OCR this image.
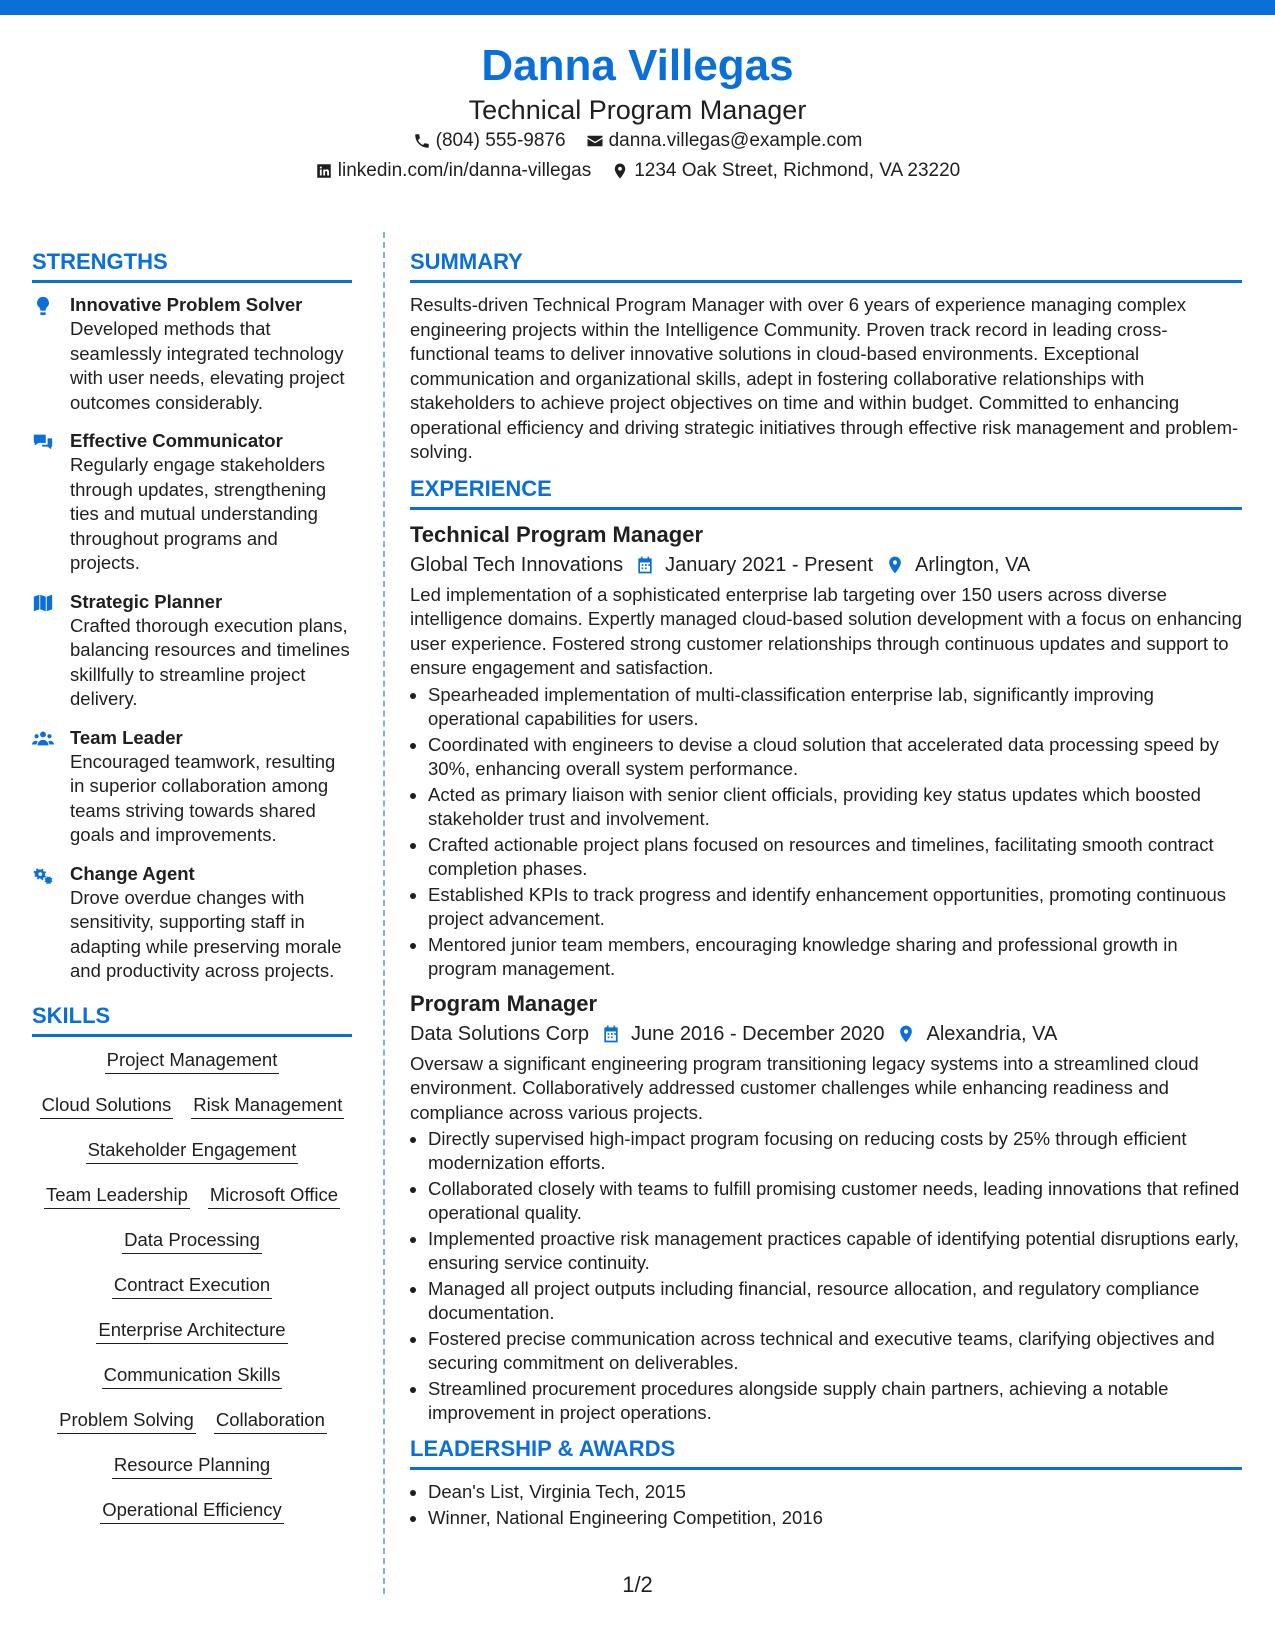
Danna Villegas
Technical Program Manager
(804) 555-9876 danna.villegas@example.com
linkedin.com/in/danna-villegas 1234 Oak Street, Richmond, VA 23220
STRENGTHS
Innovative Problem Solver
Developed methods that seamlessly integrated technology with user needs, elevating project outcomes considerably.
Effective Communicator
Regularly engage stakeholders through updates, strengthening ties and mutual understanding throughout programs and projects.
Strategic Planner
Crafted thorough execution plans, balancing resources and timelines skillfully to streamline project delivery.
Team Leader
Encouraged teamwork, resulting in superior collaboration among teams striving towards shared goals and improvements.
Change Agent
Drove overdue changes with sensitivity, supporting staff in adapting while preserving morale and productivity across projects.
SKILLS
Project Management
Cloud Solutions Risk Management
Stakeholder Engagement
Team Leadership Microsoft Office
Data Processing
Contract Execution
Enterprise Architecture
Communication Skills
Problem Solving Collaboration
Resource Planning
Operational Efficiency
SUMMARY

Results-driven Technical Program Manager with over 6 years of experience managing complex engineering projects within the Intelligence Community. Proven track record in leading cross-functional teams to deliver innovative solutions in cloud-based environments. Exceptional communication and organizational skills, adept in fostering collaborative relationships with stakeholders to achieve project objectives on time and within budget. Committed to enhancing operational efficiency and driving strategic initiatives through effective risk management and problem-solving.

EXPERIENCE
Technical Program Manager
Global Tech Innovations January 2021 - Present Arlington, VA
Led implementation of a sophisticated enterprise lab targeting over 150 users across diverse intelligence domains. Expertly managed cloud-based solution development with a focus on enhancing user experience. Fostered strong customer relationships through continuous updates and support to ensure engagement and satisfaction.
• Spearheaded implementation of multi-classification enterprise lab, significantly improving operational capabilities for users.
• Coordinated with engineers to devise a cloud solution that accelerated data processing speed by 30%, enhancing overall system performance.
• Acted as primary liaison with senior client officials, providing key status updates which boosted stakeholder trust and involvement.
• Crafted actionable project plans focused on resources and timelines, facilitating smooth contract completion phases.
• Established KPIs to track progress and identify enhancement opportunities, promoting continuous project advancement.
• Mentored junior team members, encouraging knowledge sharing and professional growth in program management.
Program Manager
Data Solutions Corp June 2016 - December 2020 Alexandria, VA
Oversaw a significant engineering program transitioning legacy systems into a streamlined cloud environment. Collaboratively addressed customer challenges while enhancing readiness and compliance across various projects.
• Directly supervised high-impact program focusing on reducing costs by 25% through efficient modernization efforts.
• Collaborated closely with teams to fulfill promising customer needs, leading innovations that refined operational quality.
• Implemented proactive risk management practices capable of identifying potential disruptions early, ensuring service continuity.
• Managed all project outputs including financial, resource allocation, and regulatory compliance documentation.
• Fostered precise communication across technical and executive teams, clarifying objectives and securing commitment on deliverables.
• Streamlined procurement procedures alongside supply chain partners, achieving a notable improvement in project operations.
LEADERSHIP & AWARDS
• Dean's List, Virginia Tech, 2015
• Winner, National Engineering Competition, 2016
1/2
